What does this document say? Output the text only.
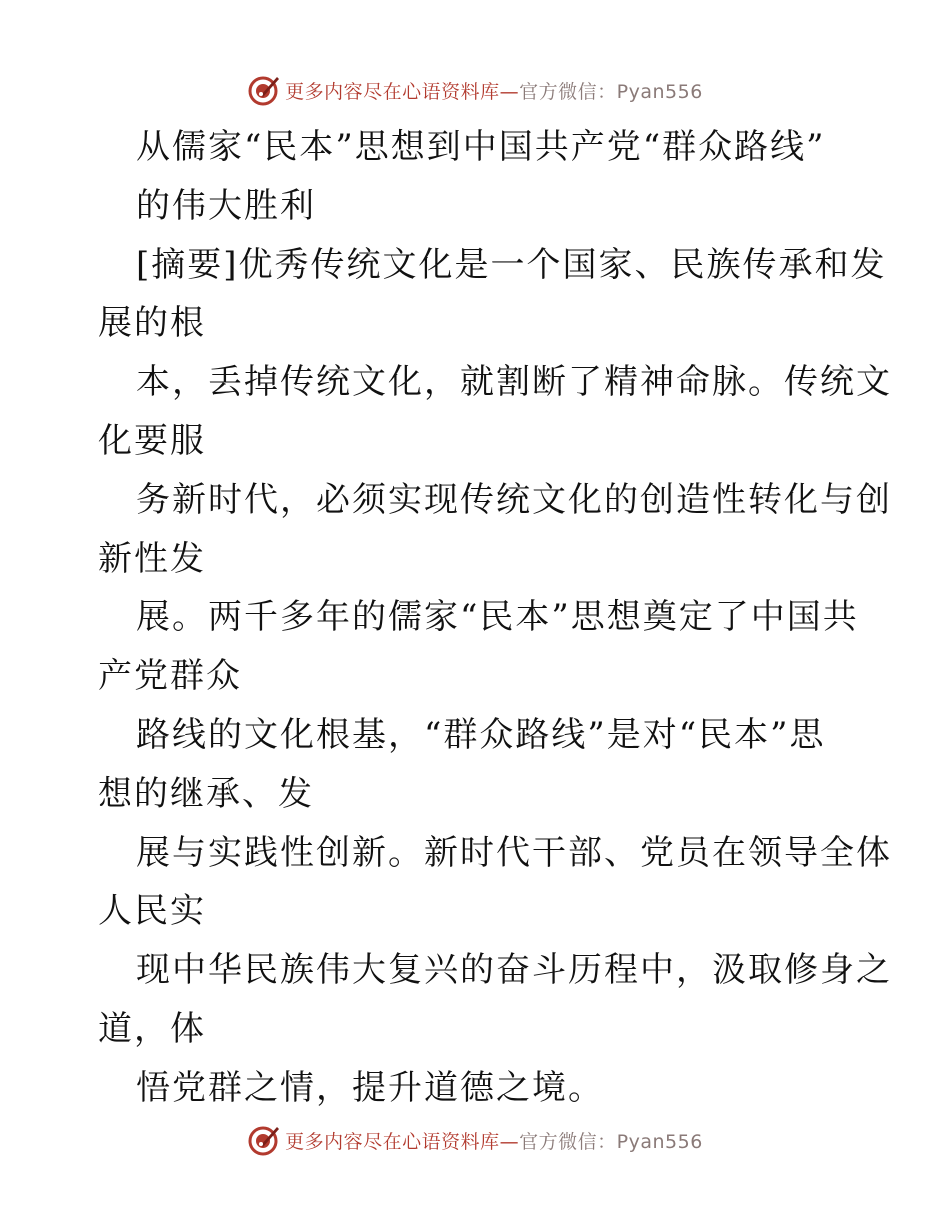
更多内容尽在心语资料库—官方微信：Pyan556
从儒家“民本”思想到中国共产党“群众路线”
的伟大胜利
[摘要]优秀传统文化是一个国家、民族传承和发
展的根
本，丢掉传统文化，就割断了精神命脉。传统文
化要服
务新时代，必须实现传统文化的创造性转化与创
新性发
展。两千多年的儒家“民本”思想奠定了中国共
产党群众
路线的文化根基，“群众路线”是对“民本”思
想的继承、发
展与实践性创新。新时代干部、党员在领导全体
人民实
现中华民族伟大复兴的奋斗历程中，汲取修身之
道，体
悟党群之情，提升道德之境。
更多内容尽在心语资料库—官方微信：Pyan556
